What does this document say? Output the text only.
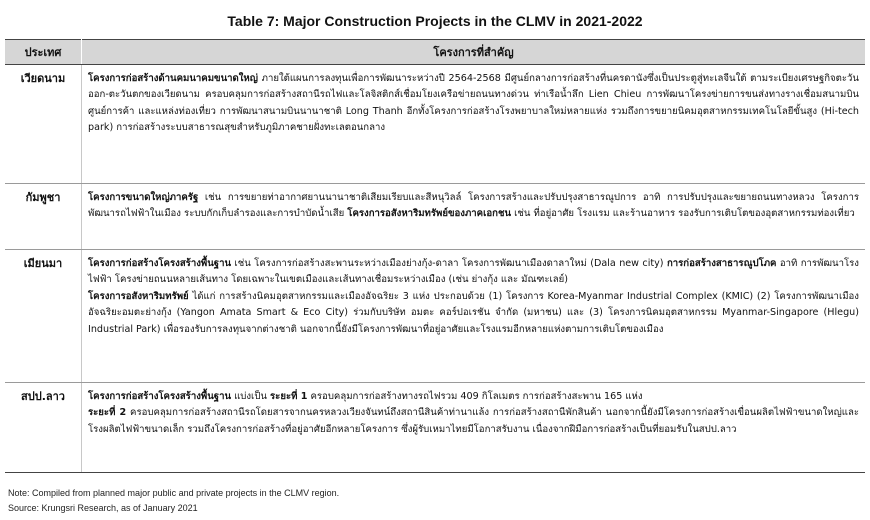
Table 7: Major Construction Projects in the CLMV in 2021-2022
ประเทศ	โครงการที่สำคัญ
เวียดนาม	โครงการก่อสร้างด้านคมนาคมขนาดใหญ่ ภายใต้แผนการลงทุนเพื่อการพัฒนาระหว่างปี 2564-2568 มีศูนย์กลางการก่อสร้างที่นครดานังซึ่งเป็นประตูสู่ทะเลจีนใต้ ตามระเบียงเศรษฐกิจตะวันออก-ตะวันตกของเวียดนาม ครอบคลุมการก่อสร้างสถานีรถไฟและโลจิสติกส์เชื่อมโยงเครือข่ายถนนทางด่วน ท่าเรือน้ำลึก Lien Chieu การพัฒนาโครงข่ายการขนส่งทางรางเชื่อมสนามบิน ศูนย์การค้า และแหล่งท่องเที่ยว การพัฒนาสนามบินนานาชาติ Long Thanh อีกทั้งโครงการก่อสร้างโรงพยาบาลใหม่หลายแห่ง รวมถึงการขยายนิคมอุตสาหกรรมเทคโนโลยีขั้นสูง (Hi-tech park) การก่อสร้างระบบสาธารณสุขสำหรับภูมิภาคชายฝั่งทะเลตอนกลาง
กัมพูชา	โครงการขนาดใหญ่ภาครัฐ เช่น การขยายท่าอากาศยานนานาชาติเสียมเรียบและสีหนุวิลล์ โครงการสร้างและปรับปรุงสาธารณูปการ อาทิ การปรับปรุงและขยายถนนทางหลวง โครงการพัฒนารถไฟฟ้าในเมือง ระบบกักเก็บลำรองและการบำบัดน้ำเสีย โครงการอสังหาริมทรัพย์ของภาคเอกชน เช่น ที่อยู่อาศัย โรงแรม และร้านอาหาร รองรับการเติบโตของอุตสาหกรรมท่องเที่ยว
เมียนมา	โครงการก่อสร้างโครงสร้างพื้นฐาน เช่น โครงการก่อสร้างสะพานระหว่างเมืองย่างกุ้ง-ดาลา โครงการพัฒนาเมืองดาลาใหม่ (Dala new city) การก่อสร้างสาธารณูปโภค อาทิ การพัฒนาโรงไฟฟ้า โครงข่ายถนนหลายเส้นทาง โดยเฉพาะในเขตเมืองและเส้นทางเชื่อมระหว่างเมือง (เช่น ย่างกุ้ง และ มัณฑะเลย์)
โครงการอสังหาริมทรัพย์ ได้แก่ การสร้างนิคมอุตสาหกรรมและเมืองอัจฉริยะ 3 แห่ง ประกอบด้วย (1) โครงการ Korea-Myanmar Industrial Complex (KMIC) (2) โครงการพัฒนาเมืองอัจฉริยะอมตะย่างกุ้ง (Yangon Amata Smart & Eco City) ร่วมกับบริษัท อมตะ คอร์ปอเรชัน จำกัด (มหาชน) และ (3) โครงการนิคมอุตสาหกรรม Myanmar-Singapore (Hlegu) Industrial Park) เพื่อรองรับการลงทุนจากต่างชาติ นอกจากนี้ยังมีโครงการพัฒนาที่อยู่อาศัยและโรงแรมอีกหลายแห่งตามการเติบโตของเมือง
สปป.ลาว	โครงการก่อสร้างโครงสร้างพื้นฐาน แบ่งเป็น ระยะที่ 1 ครอบคลุมการก่อสร้างทางรถไฟรวม 409 กิโลเมตร การก่อสร้างสะพาน 165 แห่ง
ระยะที่ 2 ครอบคลุมการก่อสร้างสถานีรถโดยสารจากนครหลวงเวียงจันทน์ถึงสถานีสินค้าท่านาแล้ง การก่อสร้างสถานีพักสินค้า นอกจากนี้ยังมีโครงการก่อสร้างเขื่อนผลิตไฟฟ้าขนาดใหญ่และโรงผลิตไฟฟ้าขนาดเล็ก รวมถึงโครงการก่อสร้างที่อยู่อาศัยอีกหลายโครงการ ซึ่งผู้รับเหมาไทยมีโอกาสรับงาน เนื่องจากฝีมือการก่อสร้างเป็นที่ยอมรับในสปป.ลาว
Note: Compiled from planned major public and private projects in the CLMV region.
Source: Krungsri Research, as of January 2021
